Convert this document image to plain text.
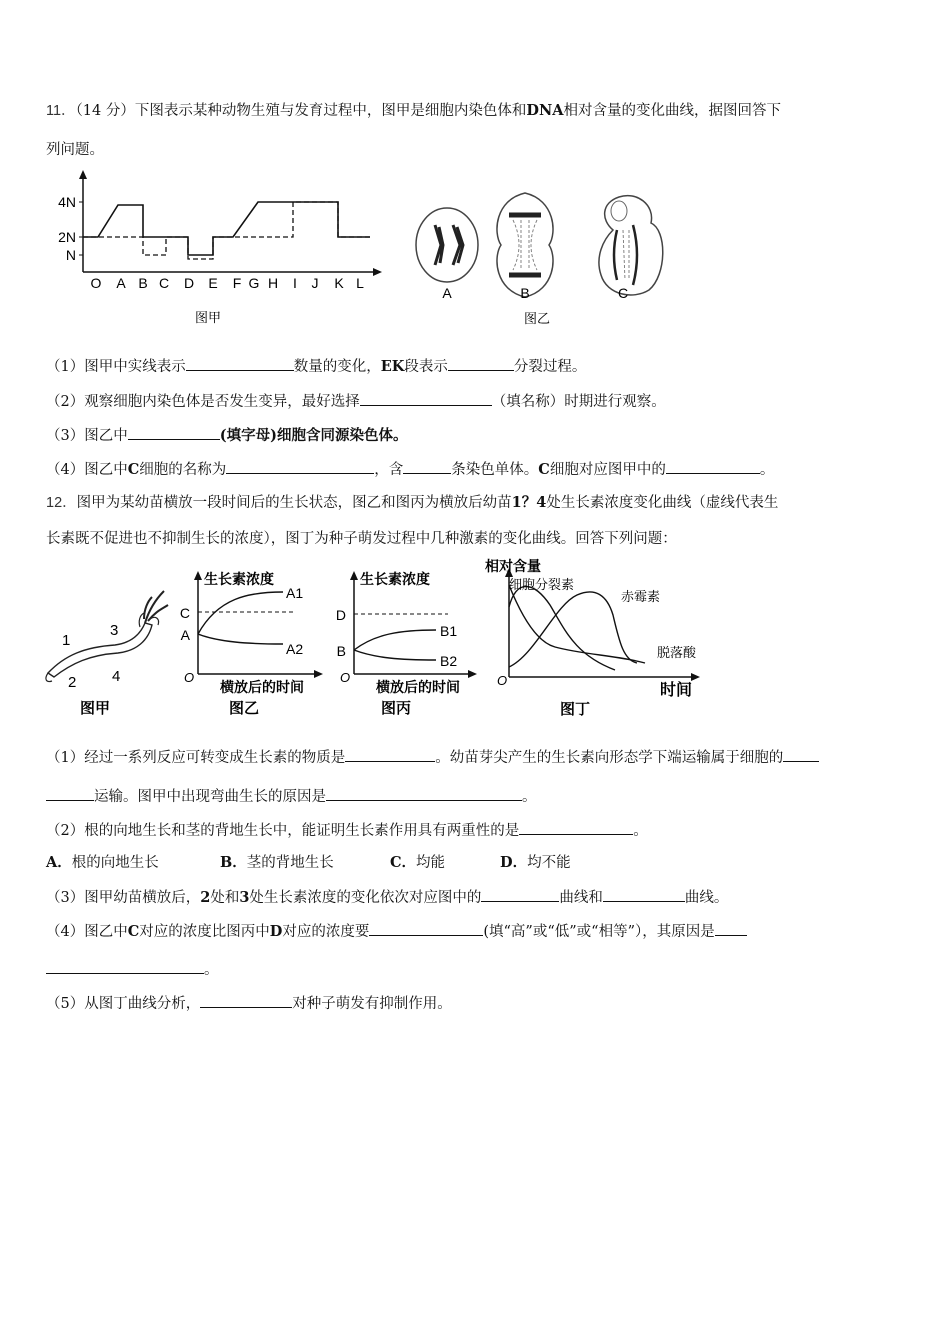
11．（14 分）下图表示某种动物生殖与发育过程中，图甲是细胞内染色体和DNA相对含量的变化曲线，据图回答下
列问题。
4N
2N
N
O A B C D E F G H I J K L
图甲
A	B	C
图乙
（1）图甲中实线表示	数量的变化，EK段表示	分裂过程。
（2）观察细胞内染色体是否发生变异，最好选择	（填名称）时期进行观察。
（3）图乙中	(填字母)细胞含同源染色体。
（4）图乙中C细胞的名称为	，含	条染色单体。C细胞对应图甲中的	。
12．图甲为某幼苗横放一段时间后的生长状态，图乙和图丙为横放后幼苗1？4处生长素浓度变化曲线（虚线代表生
长素既不促进也不抑制生长的浓度），图丁为种子萌发过程中几种激素的变化曲线。回答下列问题：
1
2
3
4
图甲
生长素浓度
C
A
A1
A2
O
横放后的时间
图乙
生长素浓度
D
B
B1
B2
O
横放后的时间
图丙
相对含量
细胞分裂素
赤霉素
脱落酸
O
时间
图丁
（1）经过一系列反应可转变成生长素的物质是	。幼苗芽尖产生的生长素向形态学下端运输属于细胞的
运输。图甲中出现弯曲生长的原因是	。
（2）根的向地生长和茎的背地生长中，能证明生长素作用具有两重性的是	。
A．根的向地生长	B．茎的背地生长	C．均能	D．均不能
（3）图甲幼苗横放后，2处和3处生长素浓度的变化依次对应图中的	曲线和	曲线。
（4）图乙中C对应的浓度比图丙中D对应的浓度要	(填“高”或“低”或“相等”），其原因是
。
（5）从图丁曲线分析，	对种子萌发有抑制作用。
